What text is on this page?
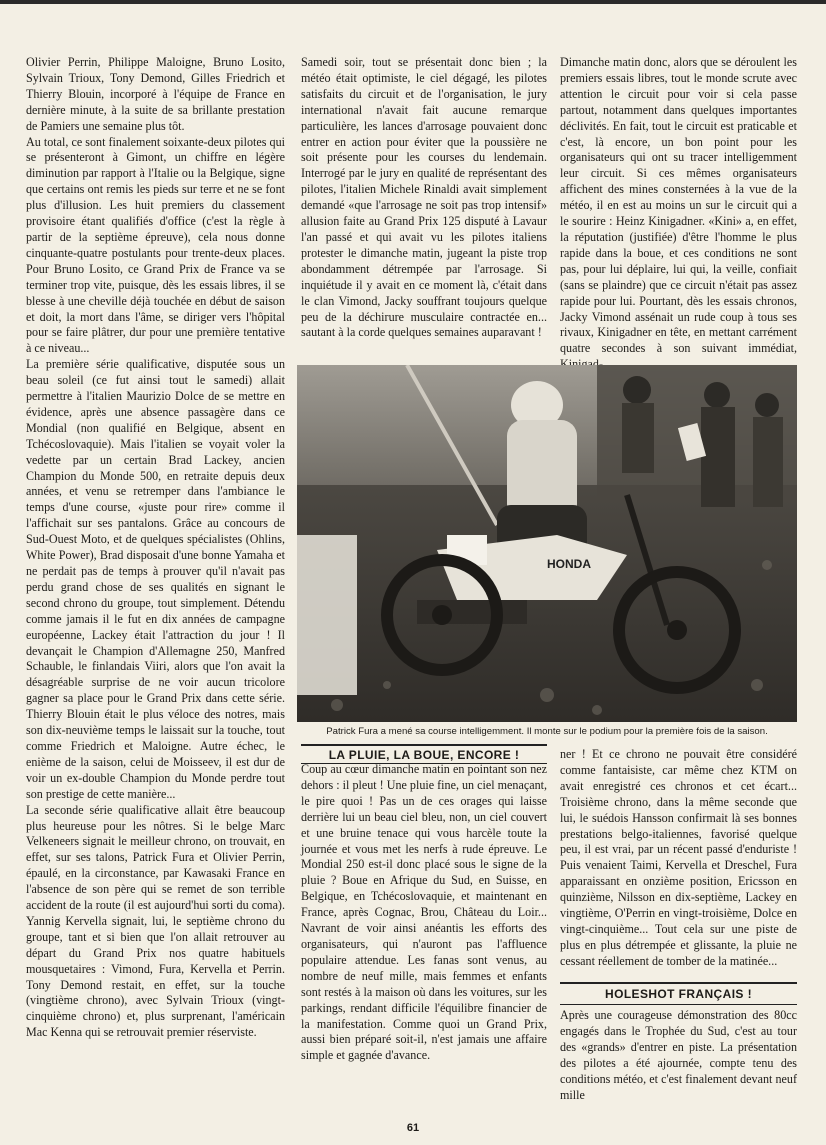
Olivier Perrin, Philippe Maloigne, Bruno Losito, Sylvain Trioux, Tony Demond, Gilles Friedrich et Thierry Blouin, incorporé à l'équipe de France en dernière minute, à la suite de sa brillante prestation de Pamiers une semaine plus tôt.

Au total, ce sont finalement soixante-deux pilotes qui se présenteront à Gimont, un chiffre en légère diminution par rapport à l'Italie ou la Belgique, signe que certains ont remis les pieds sur terre et ne se font plus d'illusion. Les huit premiers du classement provisoire étant qualifiés d'office (c'est la règle à partir de la septième épreuve), cela nous donne cinquante-quatre postulants pour trente-deux places. Pour Bruno Losito, ce Grand Prix de France va se terminer trop vite, puisque, dès les essais libres, il se blesse à une cheville déjà touchée en début de saison et doit, la mort dans l'âme, se diriger vers l'hôpital pour se faire plâtrer, dur pour une première tentative à ce niveau...

La première série qualificative, disputée sous un beau soleil (ce fut ainsi tout le samedi) allait permettre à l'italien Maurizio Dolce de se mettre en évidence, après une absence passagère dans ce Mondial (non qualifié en Belgique, absent en Tchécoslovaquie). Mais l'italien se voyait voler la vedette par un certain Brad Lackey, ancien Champion du Monde 500, en retraite depuis deux années, et venu se retremper dans l'ambiance le temps d'une course, «juste pour rire» comme il l'affichait sur ses pantalons. Grâce au concours de Sud-Ouest Moto, et de quelques spécialistes (Ohlins, White Power), Brad disposait d'une bonne Yamaha et ne perdait pas de temps à prouver qu'il n'avait pas perdu grand chose de ses qualités en signant le second chrono du groupe, tout simplement. Détendu comme jamais il le fut en dix années de campagne européenne, Lackey était l'attraction du jour ! Il devançait le Champion d'Allemagne 250, Manfred Schauble, le finlandais Viiri, alors que l'on avait la désagréable surprise de ne voir aucun tricolore gagner sa place pour le Grand Prix dans cette série. Thierry Blouin était le plus véloce des notres, mais son dix-neuvième temps le laissait sur la touche, tout comme Friedrich et Maloigne. Autre échec, le enième de la saison, celui de Moisseev, il est dur de voir un ex-double Champion du Monde perdre tout son prestige de cette manière...

La seconde série qualificative allait être beaucoup plus heureuse pour les nôtres. Si le belge Marc Velkeneers signait le meilleur chrono, on trouvait, en effet, sur ses talons, Patrick Fura et Olivier Perrin, épaulé, en la circonstance, par Kawasaki France en l'absence de son père qui se remet de son terrible accident de la route (il est aujourd'hui sorti du coma). Yannig Kervella signait, lui, le septième chrono du groupe, tant et si bien que l'on allait retrouver au départ du Grand Prix nos quatre habituels mousquetaires : Vimond, Fura, Kervella et Perrin. Tony Demond restait, en effet, sur la touche (vingtième chrono), avec Sylvain Trioux (vingt-cinquième chrono) et, plus surprenant, l'américain Mac Kenna qui se retrouvait premier réserviste.

Samedi soir, tout se présentait donc bien ; la météo était optimiste, le ciel dégagé, les pilotes satisfaits du circuit et de l'organisation, le jury international n'avait fait aucune remarque particulière, les lances d'arrosage pouvaient donc entrer en action pour éviter que la poussière ne soit présente pour les courses du lendemain. Interrogé par le jury en qualité de représentant des pilotes, l'italien Michele Rinaldi avait simplement demandé «que l'arrosage ne soit pas trop intensif» allusion faite au Grand Prix 125 disputé à Lavaur l'an passé et qui avait vu les pilotes italiens protester le dimanche matin, jugeant la piste trop abondamment détrempée par l'arrosage. Si inquiétude il y avait en ce moment là, c'était dans le clan Vimond, Jacky souffrant toujours quelque peu de la déchirure musculaire contractée en... sautant à la corde quelques semaines auparavant !

Dimanche matin donc, alors que se déroulent les premiers essais libres, tout le monde scrute avec attention le circuit pour voir si cela passe partout, notamment dans quelques importantes déclivités. En fait, tout le circuit est praticable et c'est, là encore, un bon point pour les organisateurs qui ont su tracer intelligemment leur circuit. Si ces mêmes organisateurs affichent des mines consternées à la vue de la météo, il en est au moins un sur le circuit qui a le sourire : Heinz Kinigadner. «Kini» a, en effet, la réputation (justifiée) d'être l'homme le plus rapide dans la boue, et ces conditions ne sont pas, pour lui déplaire, lui qui, la veille, confiait (sans se plaindre) que ce circuit n'était pas assez rapide pour lui. Pourtant, dès les essais chronos, Jacky Vimond assénait un rude coup à tous ses rivaux, Kinigadner en tête, en mettant carrément quatre secondes à son suivant immédiat,

HONDA
Patrick Fura a mené sa course intelligemment. Il monte sur le podium pour la première fois de la saison.
LA PLUIE, LA BOUE, ENCORE !

Coup au cœur dimanche matin en pointant son nez dehors : il pleut ! Une pluie fine, un ciel menaçant, le pire quoi ! Pas un de ces orages qui laisse derrière lui un beau ciel bleu, non, un ciel couvert et une bruine tenace qui vous harcèle toute la journée et vous met les nerfs à rude épreuve. Le Mondial 250 est-il donc placé sous le signe de la pluie ? Boue en Afrique du Sud, en Suisse, en Belgique, en Tchécoslovaquie, et maintenant en France, après Cognac, Brou, Château du Loir... Navrant de voir ainsi anéantis les efforts des organisateurs, qui n'auront pas l'affluence populaire attendue. Les fanas sont venus, au nombre de neuf mille, mais femmes et enfants sont restés à la maison où dans les voitures, sur les parkings, rendant difficile l'équilibre financier de la manifestation. Comme quoi un Grand Prix, aussi bien préparé soit-il, n'est jamais une affaire simple et gagnée d'avance.

ner ! Et ce chrono ne pouvait être considéré comme fantaisiste, car même chez KTM on avait enregistré ces chronos et cet écart... Troisième chrono, dans la même seconde que lui, le suédois Hansson confirmait là ses bonnes prestations belgo-italiennes, favorisé quelque peu, il est vrai, par un récent passé d'enduriste ! Puis venaient Taimi, Kervella et Dreschel, Fura apparaissant en onzième position, Ericsson en quinzième, Nilsson en dix-septième, Lackey en vingtième, O'Perrin en vingt-troisième, Dolce en vingt-cinquième... Tout cela sur une piste de plus en plus détrempée et glissante, la pluie ne cessant réellement de tomber de la matinée...

HOLESHOT FRANÇAIS !

Après une courageuse démonstration des 80cc engagés dans le Trophée du Sud, c'est au tour des «grands» d'entrer en piste. La présentation des pilotes a été ajournée, compte tenu des conditions météo, et c'est finalement devant neuf mille

61
